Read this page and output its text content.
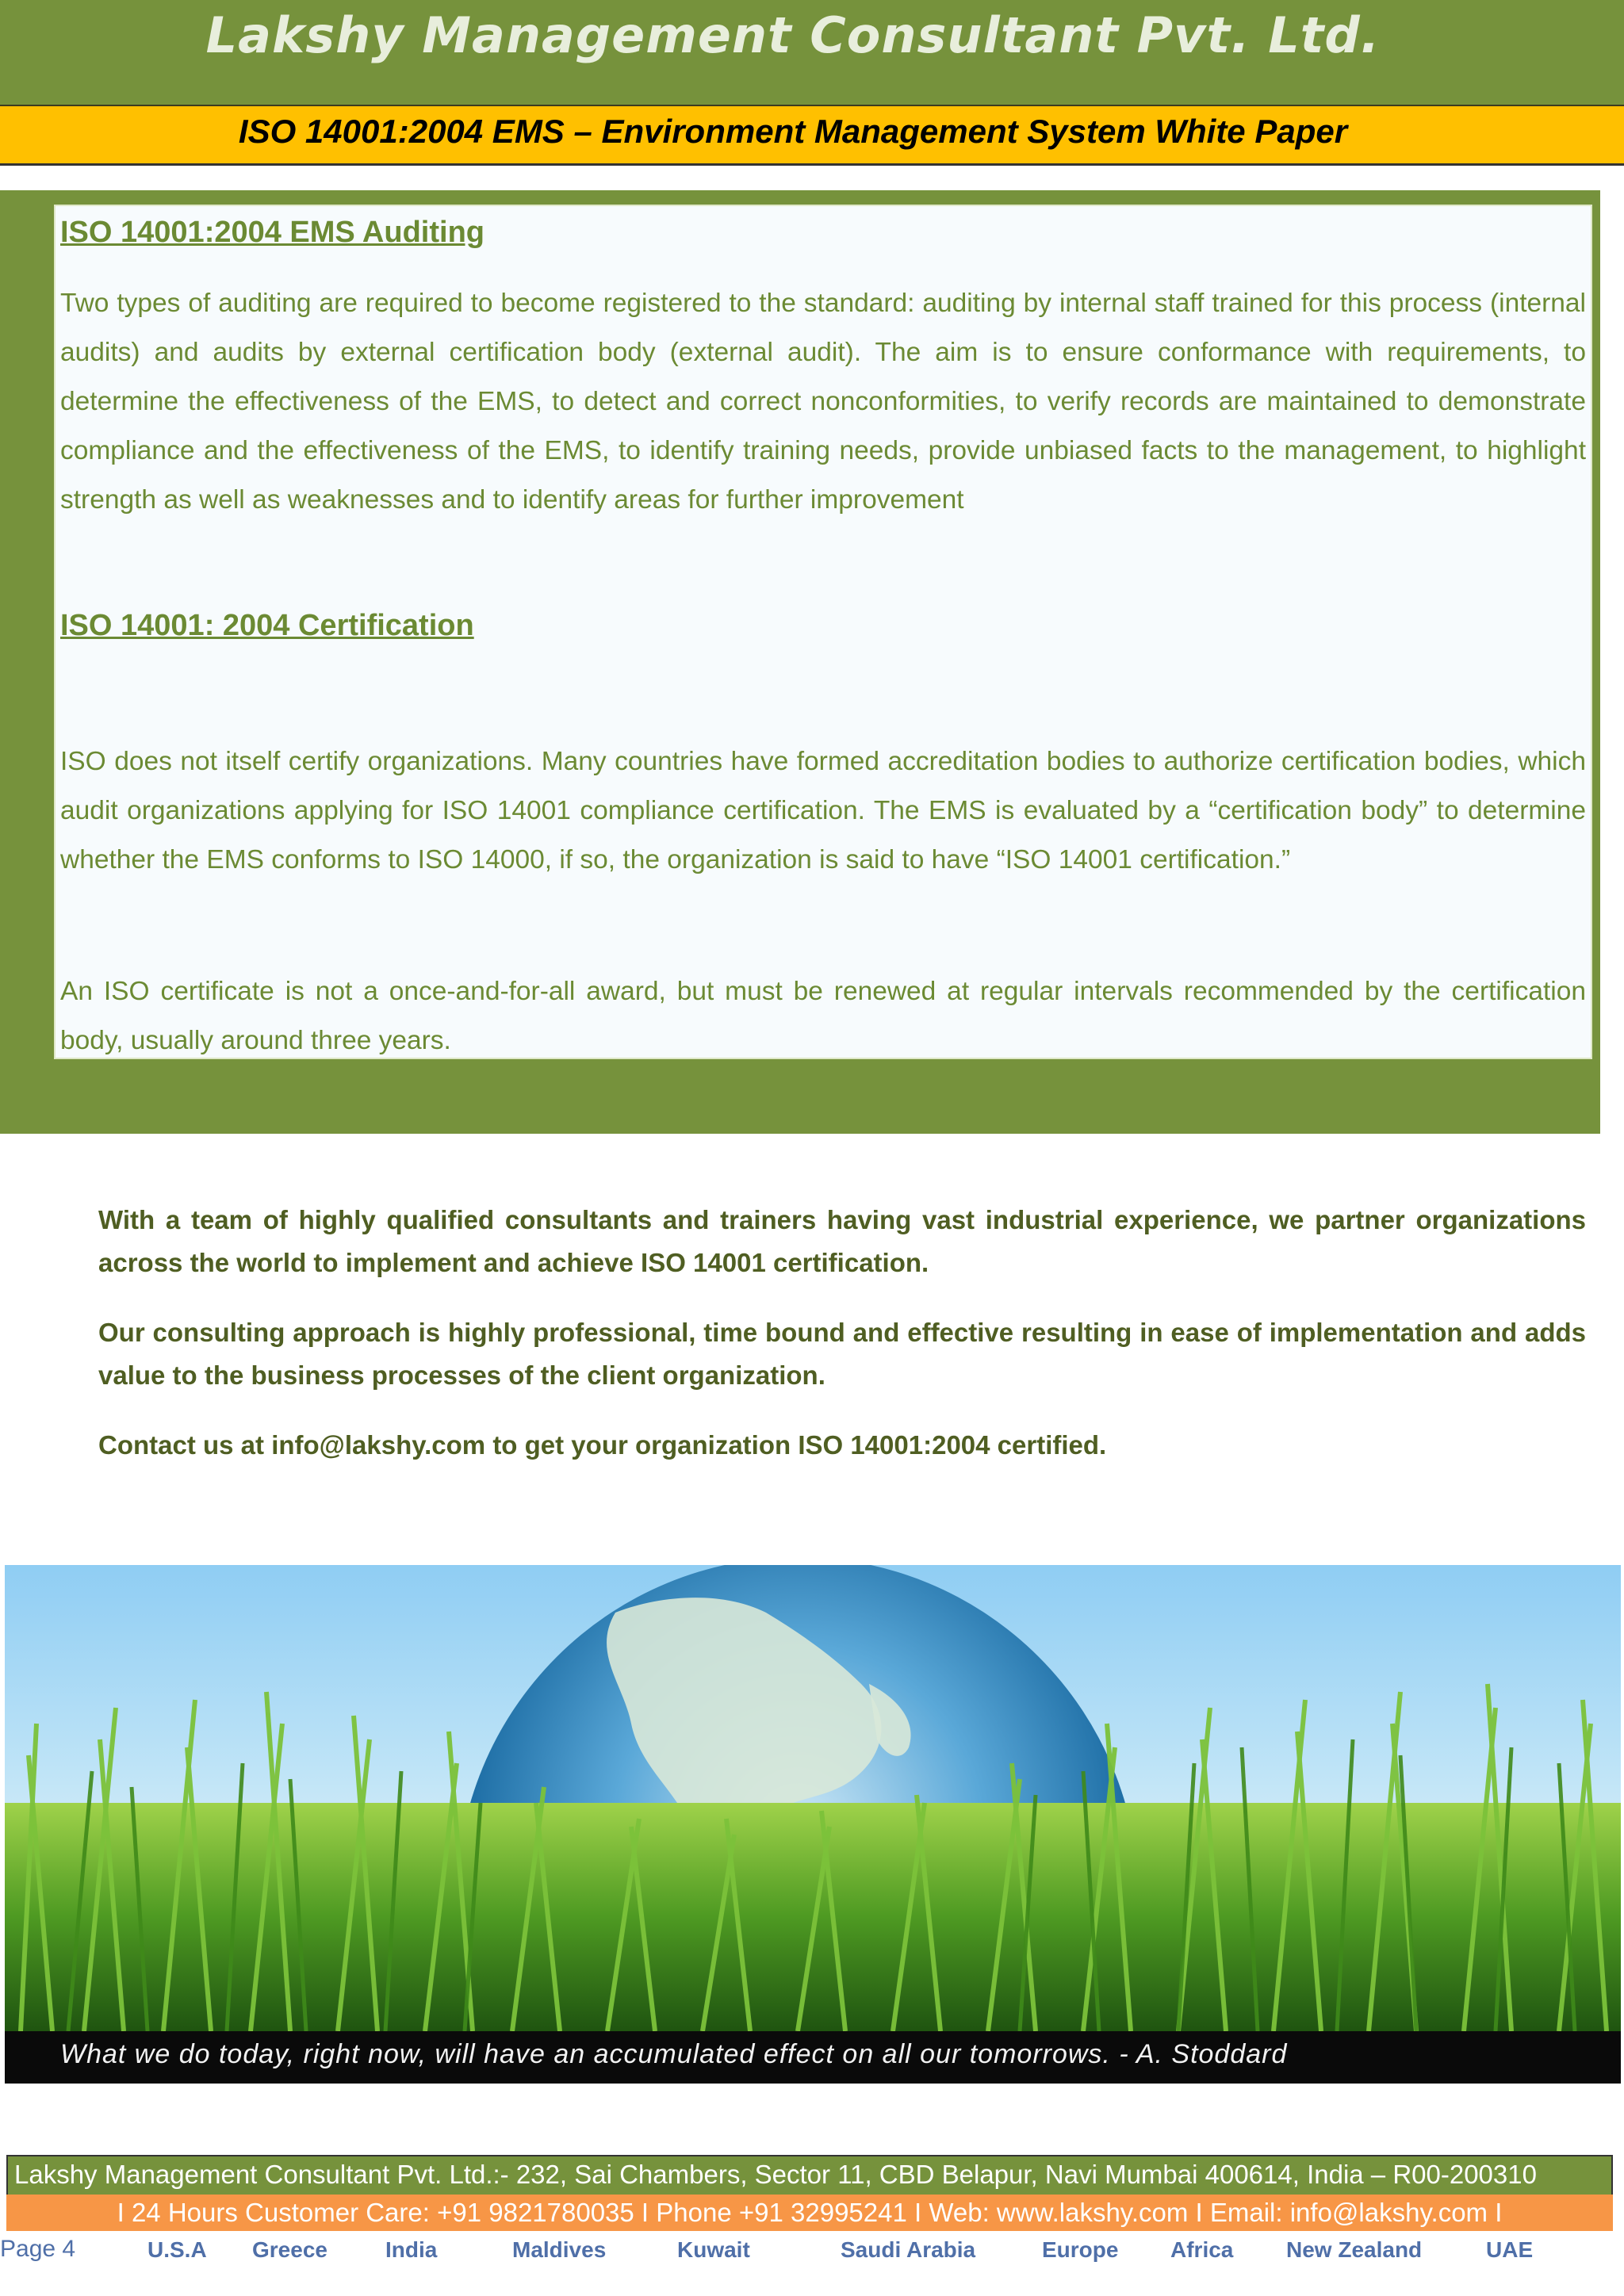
Lakshy Management Consultant Pvt. Ltd.
ISO 14001:2004 EMS – Environment Management System White Paper
ISO 14001:2004 EMS Auditing
Two types of auditing are required to become registered to the standard: auditing by internal staff trained for this process (internal audits) and audits by external certification body (external audit). The aim is to ensure conformance with requirements, to determine the effectiveness of the EMS, to detect and correct nonconformities, to verify records are maintained to demonstrate compliance and the effectiveness of the EMS, to identify training needs, provide unbiased facts to the management, to highlight strength as well as weaknesses and to identify areas for further improvement
ISO 14001: 2004 Certification
ISO does not itself certify organizations. Many countries have formed accreditation bodies to authorize certification bodies, which audit organizations applying for ISO 14001 compliance certification. The EMS is evaluated by a “certification body” to determine whether the EMS conforms to ISO 14000, if so, the organization is said to have “ISO 14001 certification.”
An ISO certificate is not a once-and-for-all award, but must be renewed at regular intervals recommended by the certification body, usually around three years.
With a team of highly qualified consultants and trainers having vast industrial experience, we partner organizations across the world to implement and achieve ISO 14001 certification.
Our consulting approach is highly professional, time bound and effective resulting in ease of implementation and adds value to the business processes of the client organization.
Contact us at info@lakshy.com to get your organization ISO 14001:2004 certified.
What we do today, right now, will have an accumulated effect on all our tomorrows. - A. Stoddard
Lakshy Management Consultant Pvt. Ltd.:- 232, Sai Chambers, Sector 11, CBD Belapur, Navi Mumbai 400614, India – R00-200310
I 24 Hours Customer Care: +91 9821780035 I Phone +91 32995241 I Web: www.lakshy.com I Email: info@lakshy.com I
Page 4	U.S.A Greece	India	Maldives	Kuwait	Saudi Arabia	Europe Africa New Zealand	UAE
